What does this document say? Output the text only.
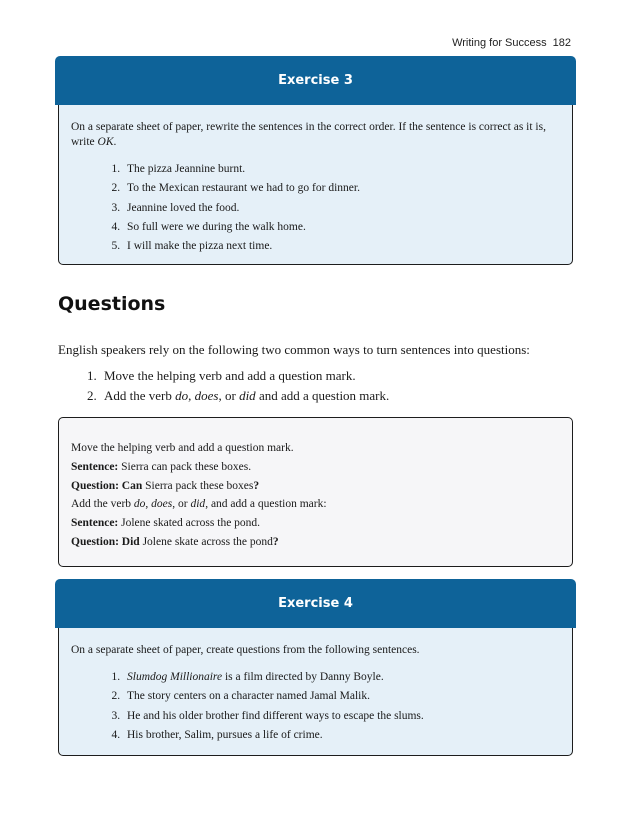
Writing for Success 182
Exercise 3
On a separate sheet of paper, rewrite the sentences in the correct order. If the sentence is correct as it is, write OK.
1. The pizza Jeannine burnt.
2. To the Mexican restaurant we had to go for dinner.
3. Jeannine loved the food.
4. So full were we during the walk home.
5. I will make the pizza next time.
Questions
English speakers rely on the following two common ways to turn sentences into questions:
1. Move the helping verb and add a question mark.
2. Add the verb do, does, or did and add a question mark.

Move the helping verb and add a question mark.

Sentence: Sierra can pack these boxes.

Question: Can Sierra pack these boxes?

Add the verb do, does, or did, and add a question mark:

Sentence: Jolene skated across the pond.

Question: Did Jolene skate across the pond?

Exercise 4
On a separate sheet of paper, create questions from the following sentences.
1. Slumdog Millionaire is a film directed by Danny Boyle.
2. The story centers on a character named Jamal Malik.
3. He and his older brother find different ways to escape the slums.
4. His brother, Salim, pursues a life of crime.
